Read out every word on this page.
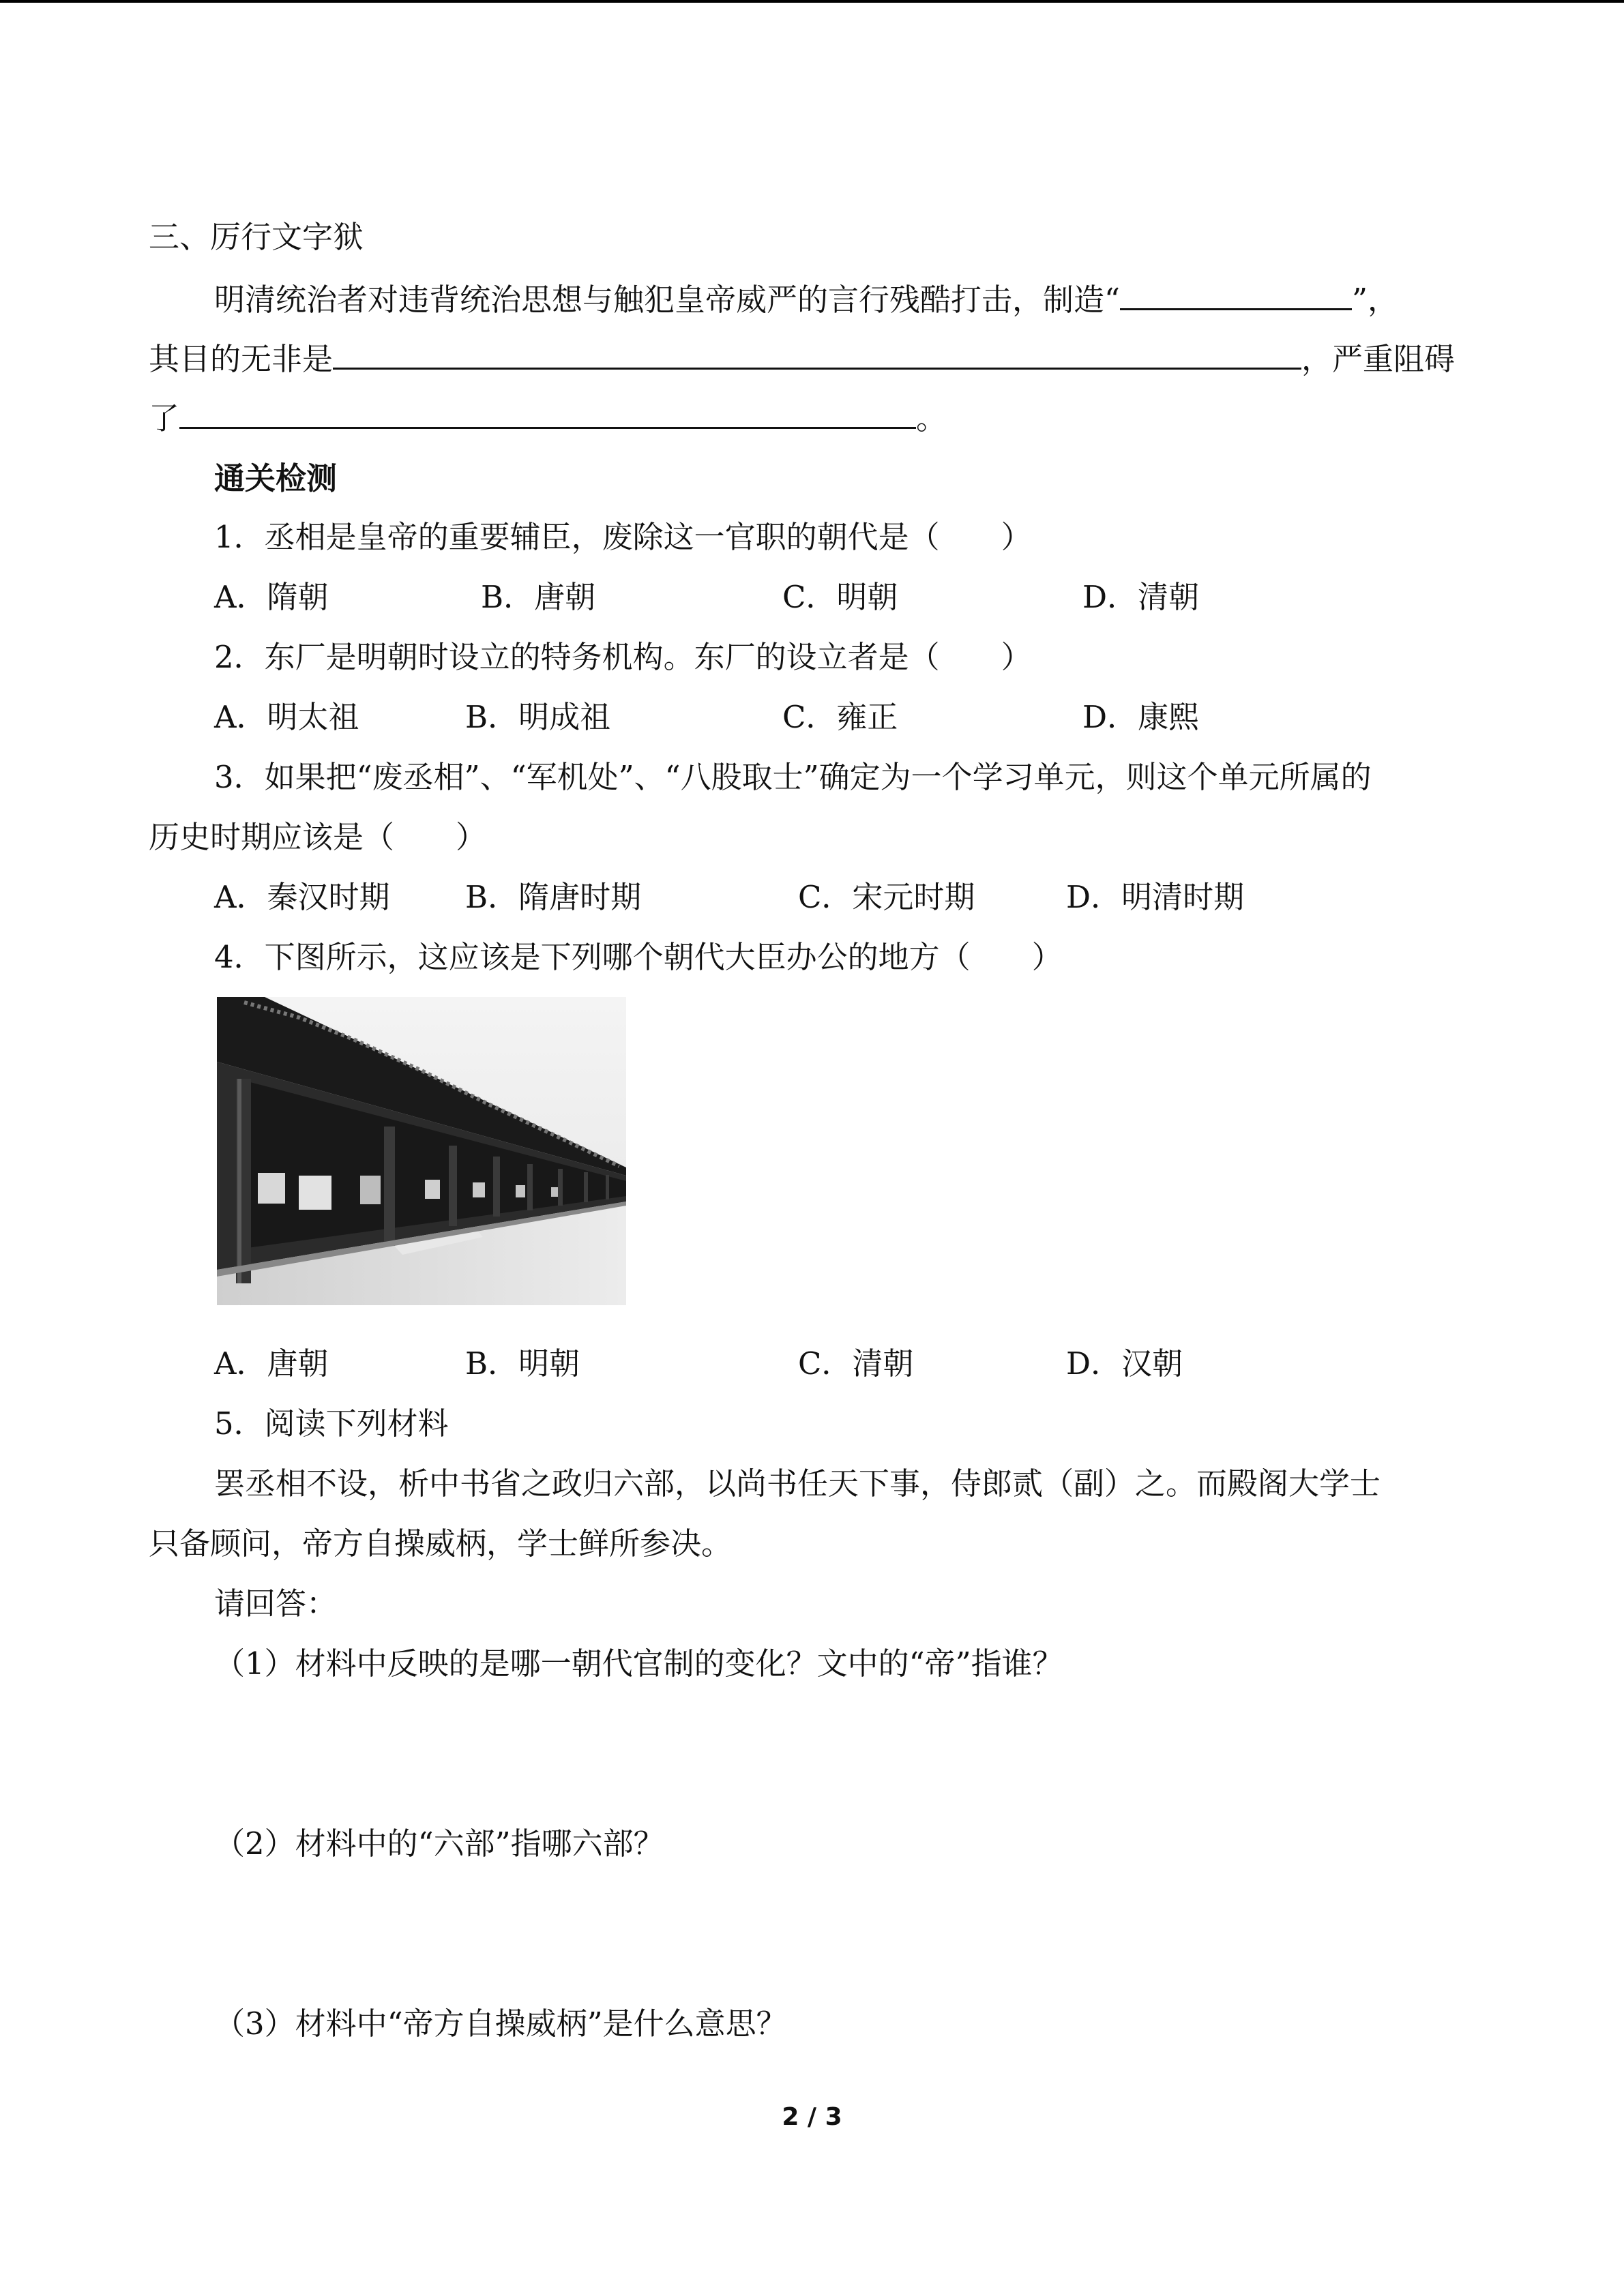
三、厉行文字狱
明清统治者对违背统治思想与触犯皇帝威严的言行残酷打击，制造“	”，
其目的无非是	，严重阻碍
了	。
通关检测
1．丞相是皇帝的重要辅臣，废除这一官职的朝代是（　　）
A．隋朝	B．唐朝	C．明朝	D．清朝
2．东厂是明朝时设立的特务机构。东厂的设立者是（　　）
A．明太祖	B．明成祖	C．雍正	D．康熙
3．如果把“废丞相”、“军机处”、“八股取士”确定为一个学习单元，则这个单元所属的
历史时期应该是（　　）
A．秦汉时期 B．隋唐时期	C．宋元时期	D．明清时期
4．下图所示，这应该是下列哪个朝代大臣办公的地方（　　）
A．唐朝	B．明朝	C．清朝	D．汉朝
5．阅读下列材料
罢丞相不设，析中书省之政归六部，以尚书任天下事，侍郎贰（副）之。而殿阁大学士
只备顾问，帝方自操威柄，学士鲜所参决。
请回答：
（1）材料中反映的是哪一朝代官制的变化？文中的“帝”指谁？
（2）材料中的“六部”指哪六部？
（3）材料中“帝方自操威柄”是什么意思？
2 / 3
